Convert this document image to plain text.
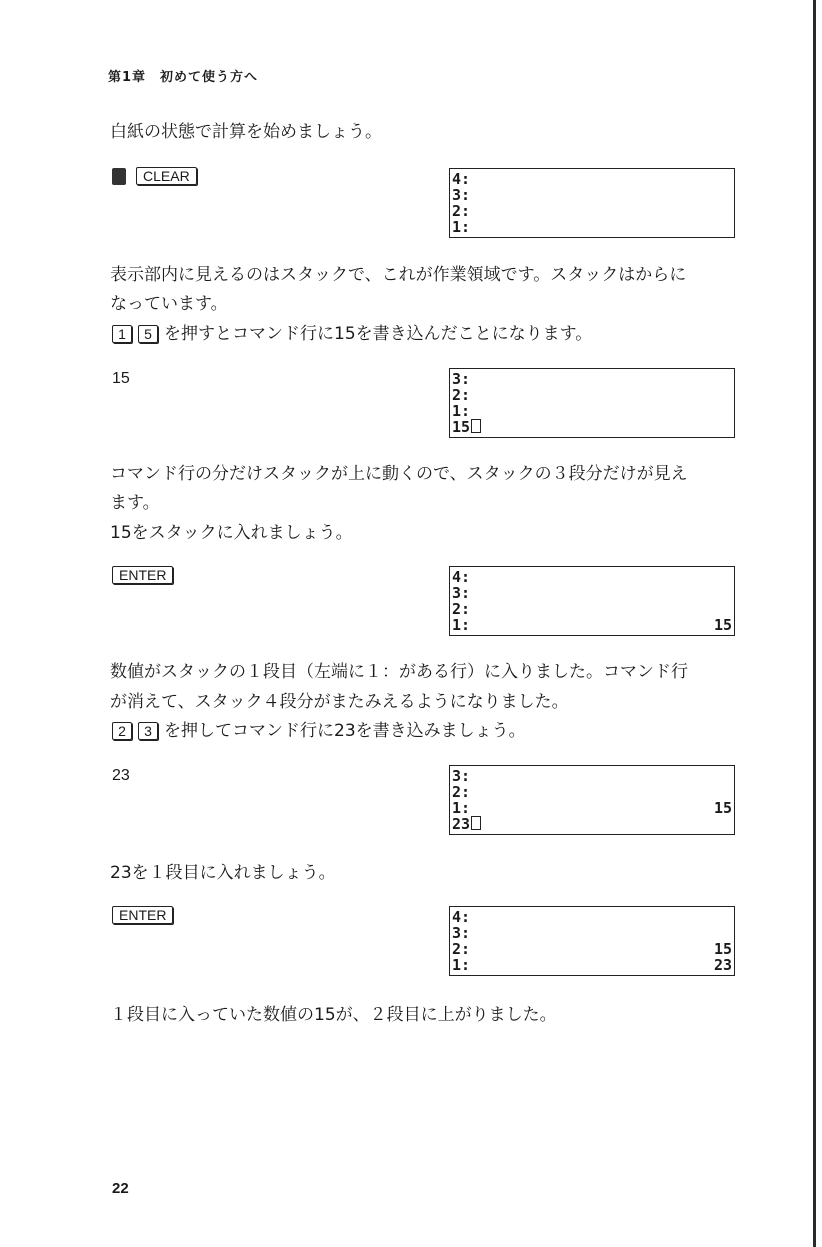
第1章　初めて使う方へ
白紙の状態で計算を始めましょう。
CLEAR	4:
3:
2:
1:
表示部内に見えるのはスタックで、これが作業領域です。スタックはからに
なっています。
1	5 を押すとコマンド行に15を書き込んだことになります。
15	3:
2:
1:
15
コマンド行の分だけスタックが上に動くので、スタックの３段分だけが見え
ます。
15をスタックに入れましょう。
ENTER	4:
3:
2:
1:	15
数値がスタックの１段目（左端に１：がある行）に入りました。コマンド行
が消えて、スタック４段分がまたみえるようになりました。
2	3 を押してコマンド行に23を書き込みましょう。
23	3:
2:
1:	15
23
23を１段目に入れましょう。
ENTER	4:
3:
2:	15
1:	23
１段目に入っていた数値の15が、２段目に上がりました。
22
